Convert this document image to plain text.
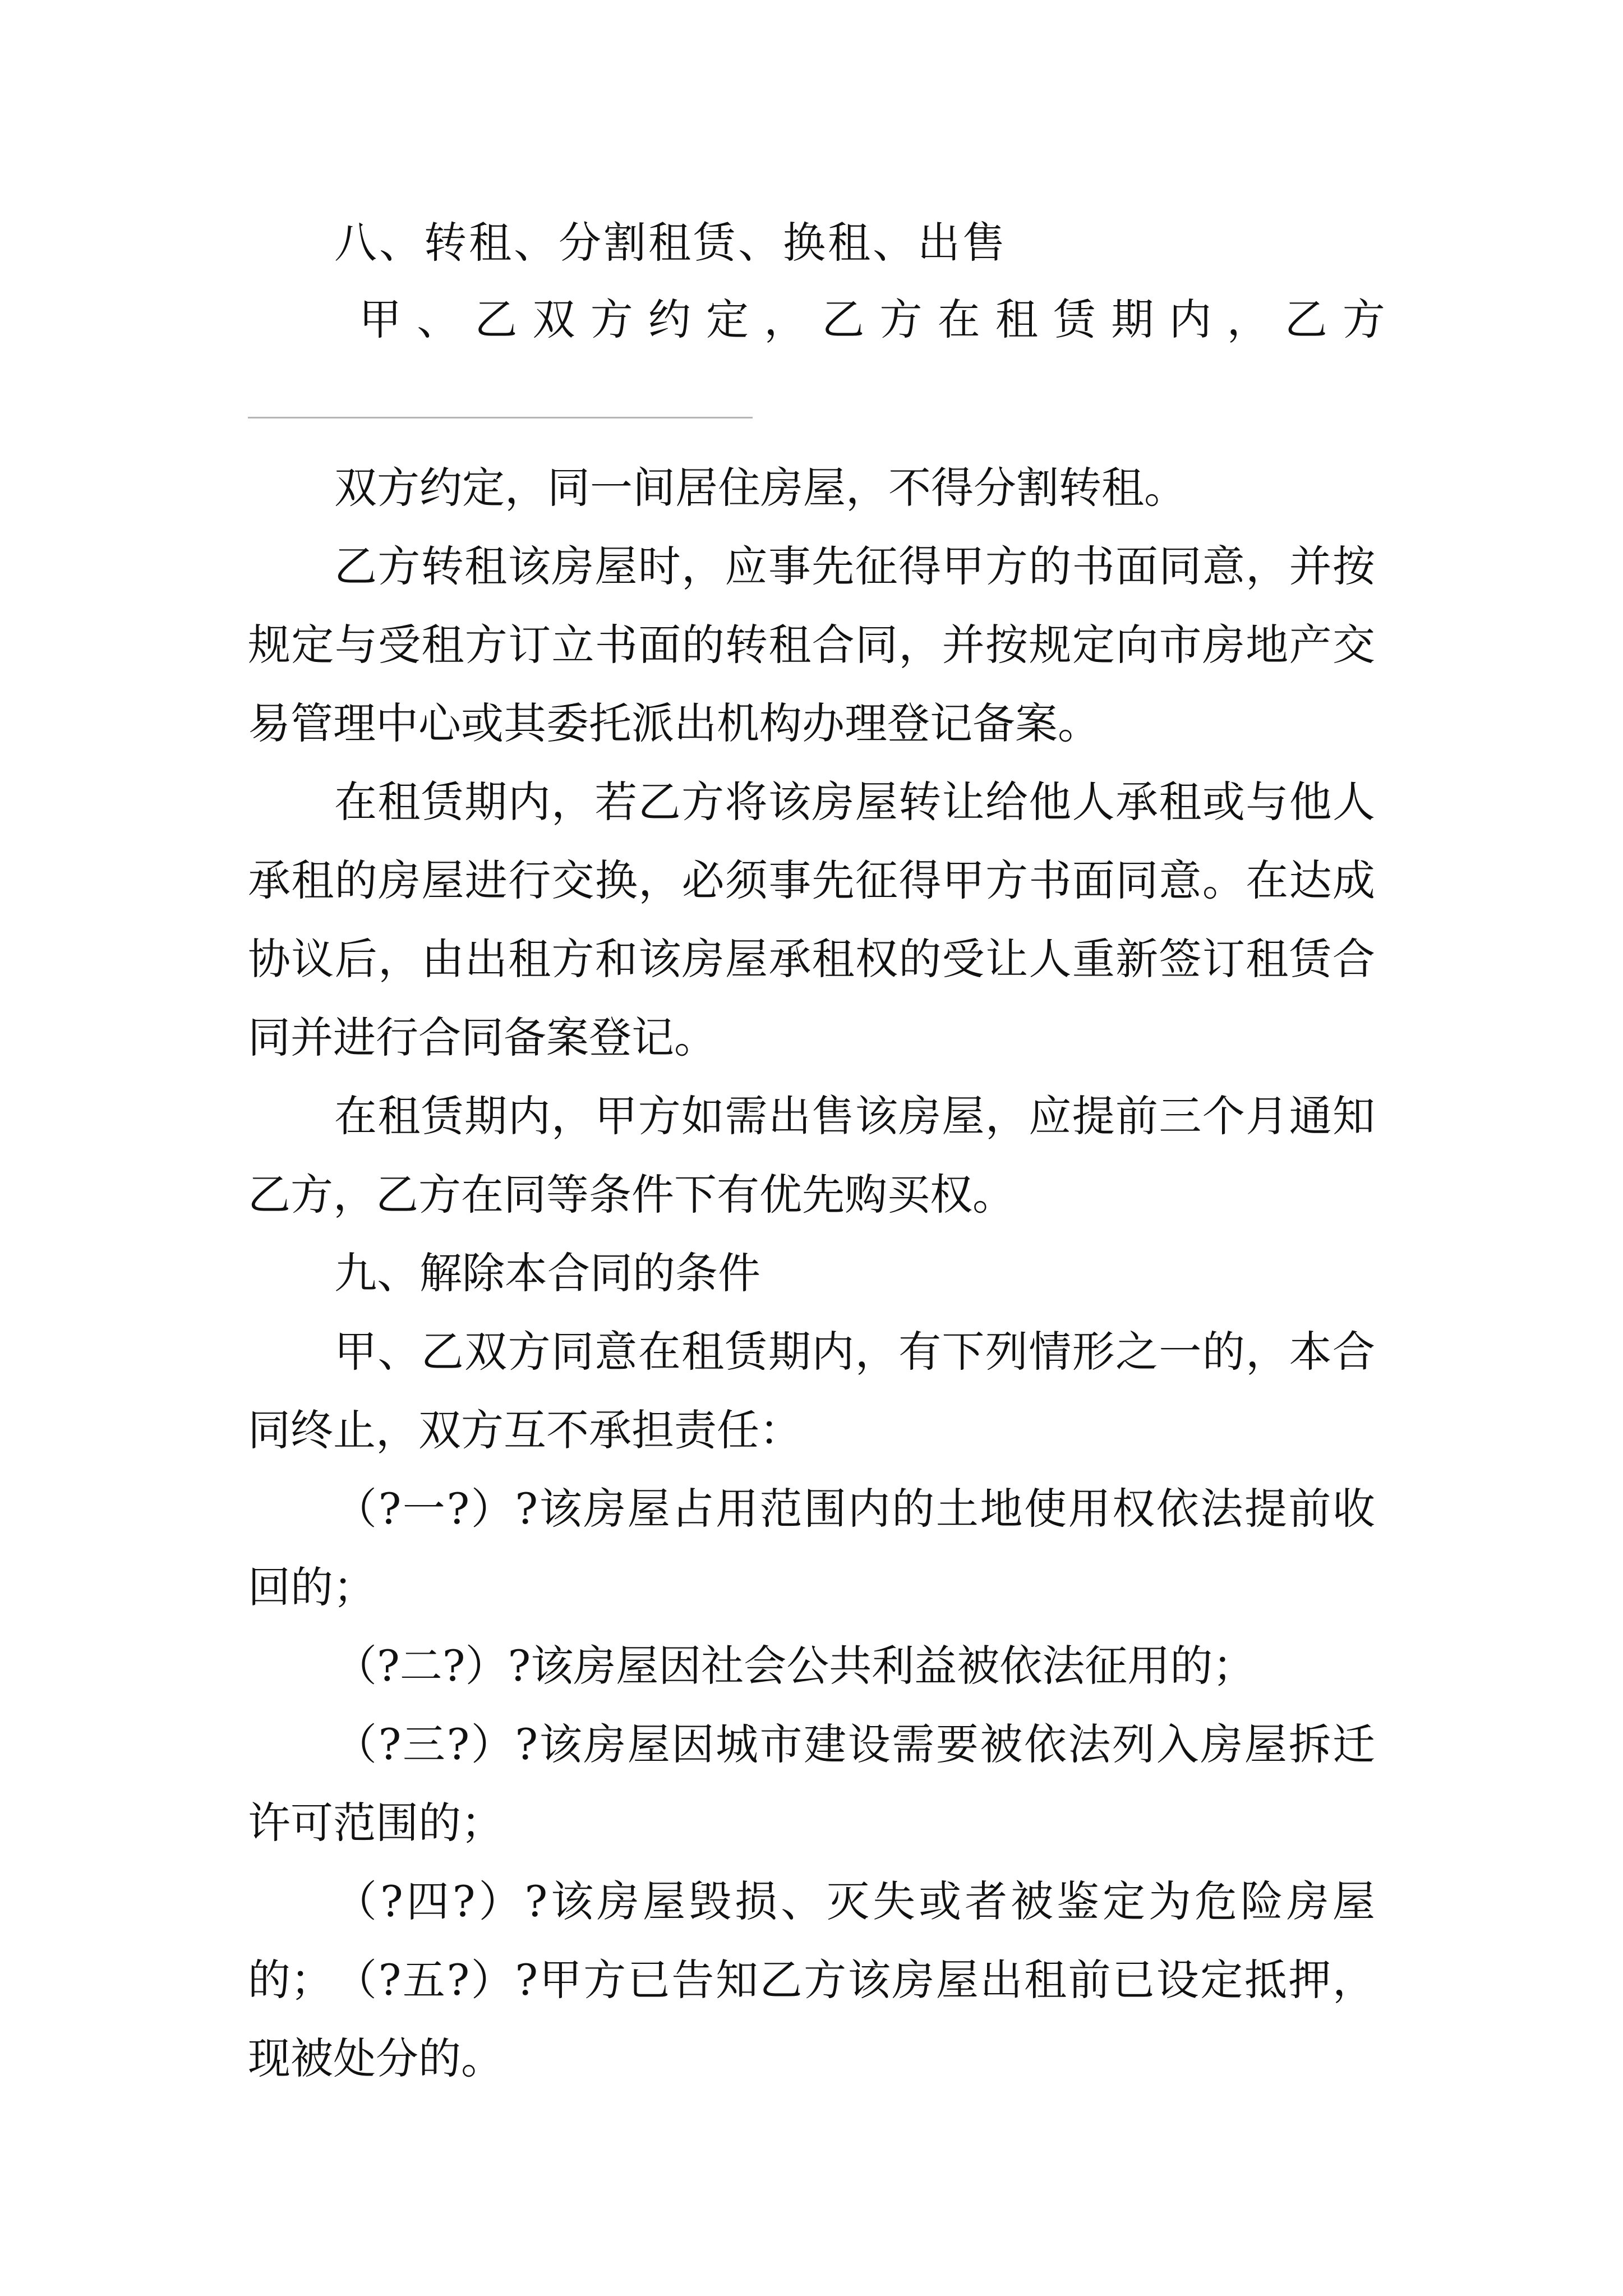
八、转租、分割租赁、换租、出售
甲 、 乙 双 方 约 定 ， 乙 方 在 租 赁 期 内 ， 乙 方
双方约定，同一间居住房屋，不得分割转租。
乙方转租该房屋时，应事先征得甲方的书面同意，并按规定与受租方订立书面的转租合同，并按规定向市房地产交易管理中心或其委托派出机构办理登记备案。
在租赁期内，若乙方将该房屋转让给他人承租或与他人承租的房屋进行交换，必须事先征得甲方书面同意。在达成协议后，由出租方和该房屋承租权的受让人重新签订租赁合同并进行合同备案登记。
在租赁期内，甲方如需出售该房屋，应提前三个月通知乙方，乙方在同等条件下有优先购买权。
九、解除本合同的条件
甲、乙双方同意在租赁期内，有下列情形之一的，本合同终止，双方互不承担责任：
（?一?）?该房屋占用范围内的土地使用权依法提前收回的；
（?二?）?该房屋因社会公共利益被依法征用的；
（?三?）?该房屋因城市建设需要被依法列入房屋拆迁许可范围的；
（?四?）?该房屋毁损、灭失或者被鉴定为危险房屋的； （?五?）?甲方已告知乙方该房屋出租前已设定抵押，现被处分的。
